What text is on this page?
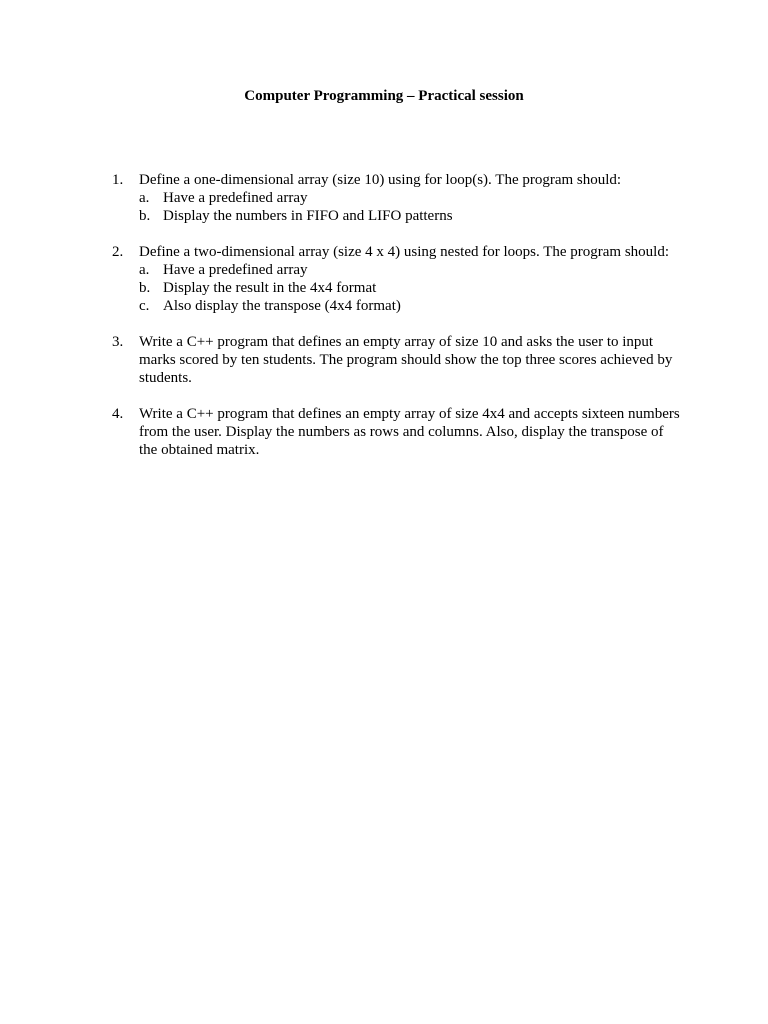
Computer Programming – Practical session
1. Define a one-dimensional array (size 10) using for loop(s). The program should:
a. Have a predefined array
b. Display the numbers in FIFO and LIFO patterns
2. Define a two-dimensional array (size 4 x 4) using nested for loops. The program should:
a. Have a predefined array
b. Display the result in the 4x4 format
c. Also display the transpose (4x4 format)
3. Write a C++ program that defines an empty array of size 10 and asks the user to input marks scored by ten students. The program should show the top three scores achieved by students.
4. Write a C++ program that defines an empty array of size 4x4 and accepts sixteen numbers from the user. Display the numbers as rows and columns. Also, display the transpose of the obtained matrix.
